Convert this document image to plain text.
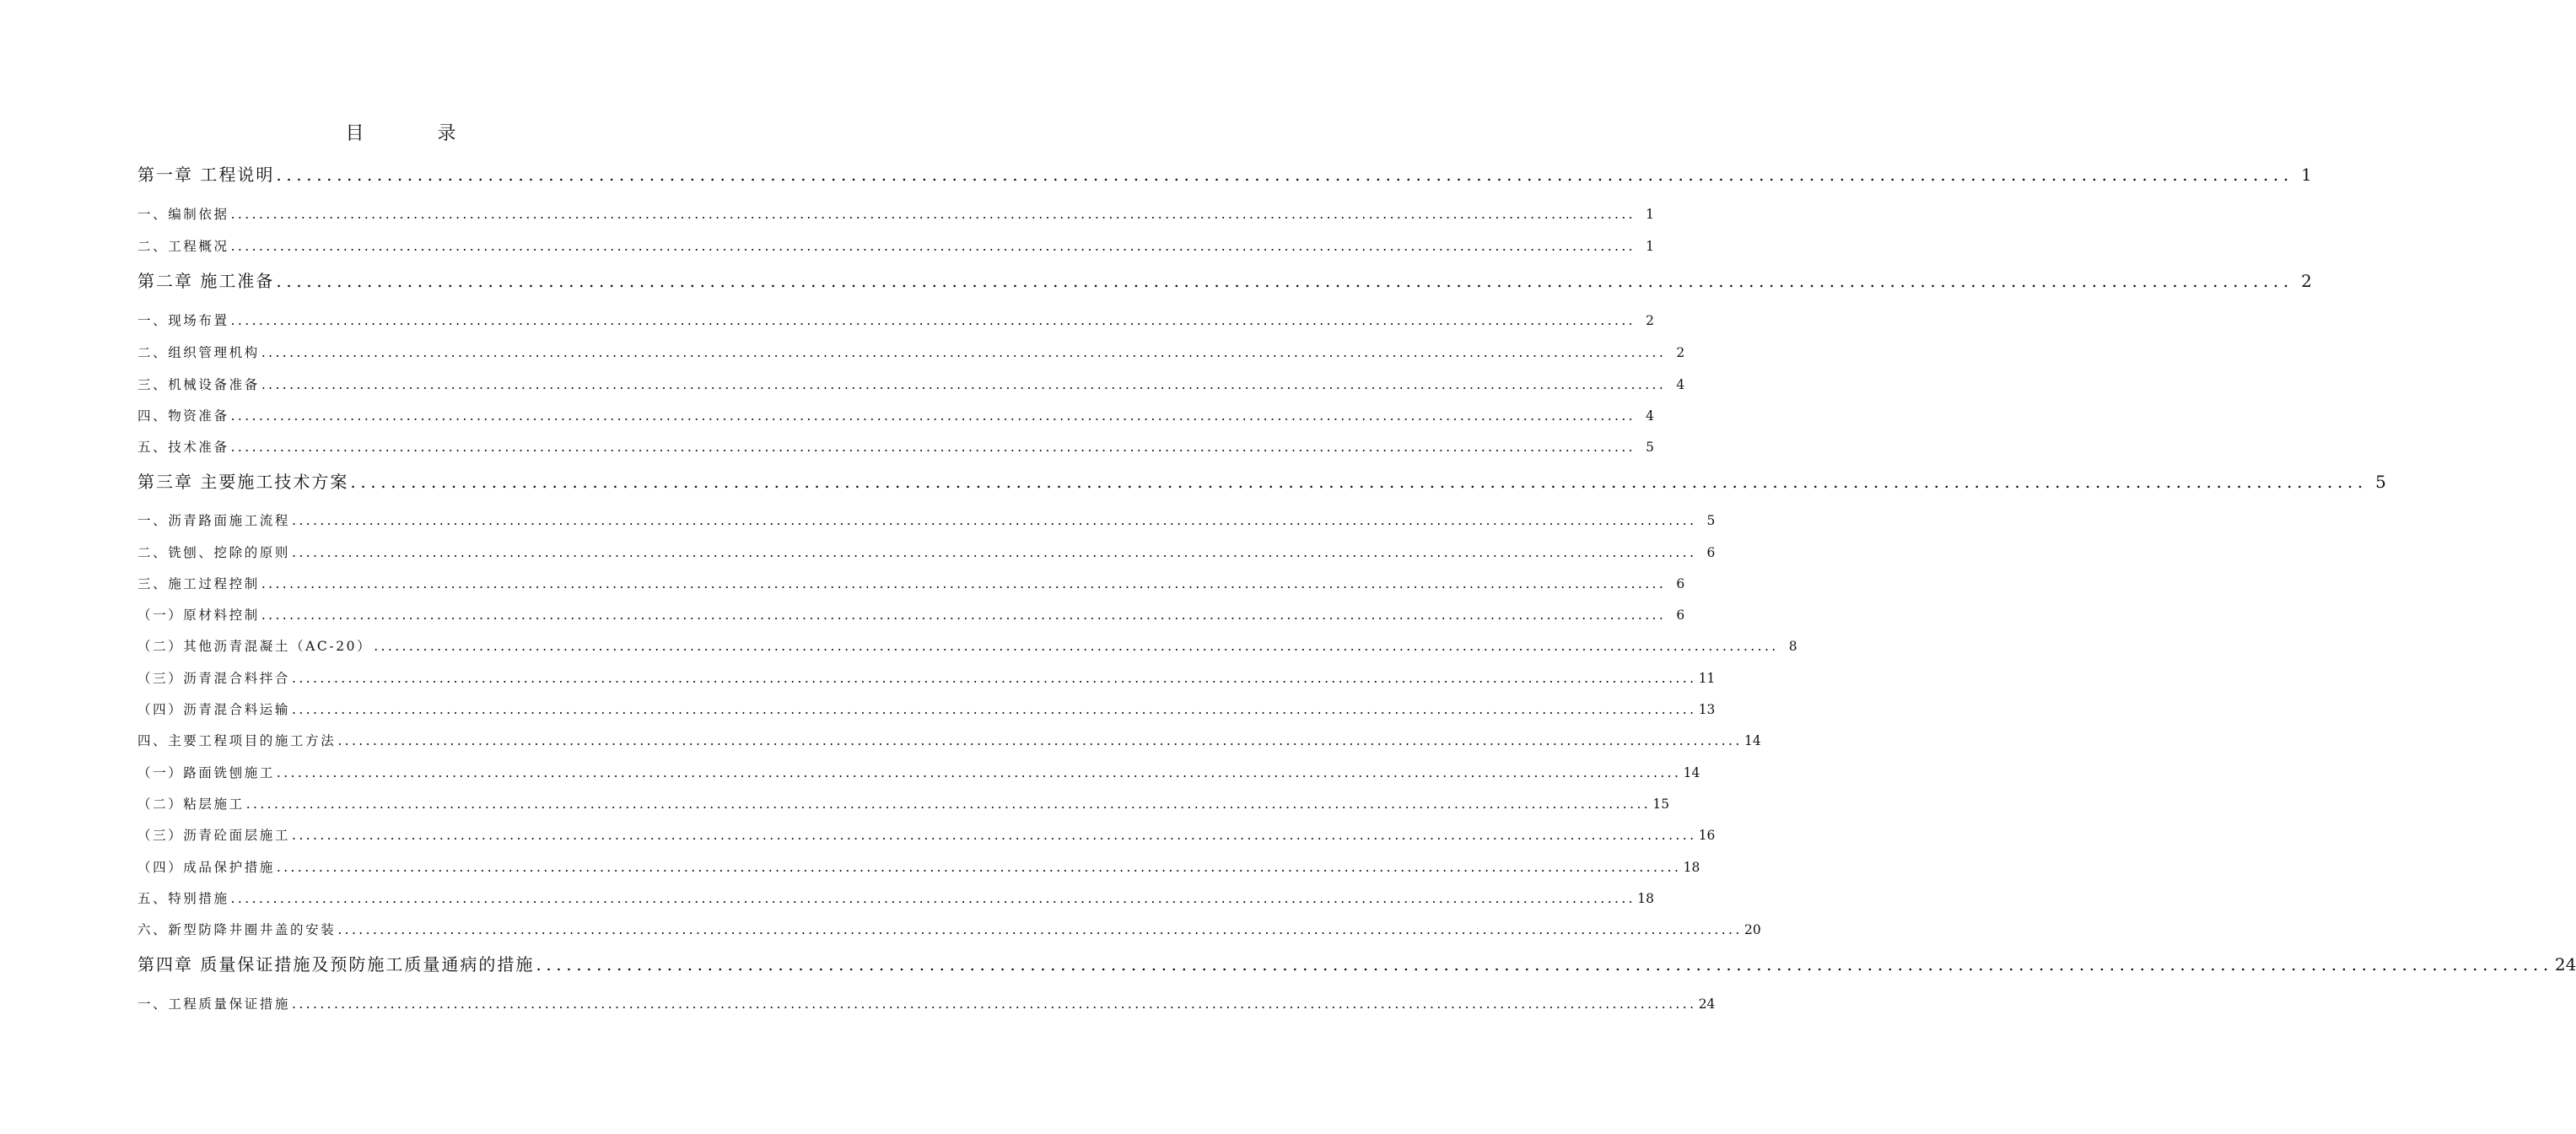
目 录
第一章 工程说明 ........................................................................................................................................................................................................ 1
一、编制依据 ........................................................................................................................................................................................................ 1
二、工程概况 ........................................................................................................................................................................................................ 1
第二章 施工准备 ........................................................................................................................................................................................................ 2
一、现场布置 ........................................................................................................................................................................................................ 2
二、组织管理机构 ........................................................................................................................................................................................................ 2
三、机械设备准备 ........................................................................................................................................................................................................ 4
四、物资准备 ........................................................................................................................................................................................................ 4
五、技术准备 ........................................................................................................................................................................................................ 5
第三章 主要施工技术方案 ........................................................................................................................................................................................................ 5
一、沥青路面施工流程 ........................................................................................................................................................................................................ 5
二、铣刨、挖除的原则 ........................................................................................................................................................................................................ 6
三、施工过程控制 ........................................................................................................................................................................................................ 6
（一）原材料控制 ........................................................................................................................................................................................................ 6
（二）其他沥青混凝土（AC-20） ........................................................................................................................................................................................................ 8
（三）沥青混合料拌合 ........................................................................................................................................................................................................ 11
（四）沥青混合料运输 ........................................................................................................................................................................................................ 13
四、主要工程项目的施工方法 ........................................................................................................................................................................................................ 14
（一）路面铣刨施工 ........................................................................................................................................................................................................ 14
（二）粘层施工 ........................................................................................................................................................................................................ 15
（三）沥青砼面层施工 ........................................................................................................................................................................................................ 16
（四）成品保护措施 ........................................................................................................................................................................................................ 18
五、特别措施 ........................................................................................................................................................................................................ 18
六、新型防降井圈井盖的安装 ........................................................................................................................................................................................................ 20
第四章 质量保证措施及预防施工质量通病的措施 ........................................................................................................................................................................................................ 24
一、工程质量保证措施 ........................................................................................................................................................................................................ 24
